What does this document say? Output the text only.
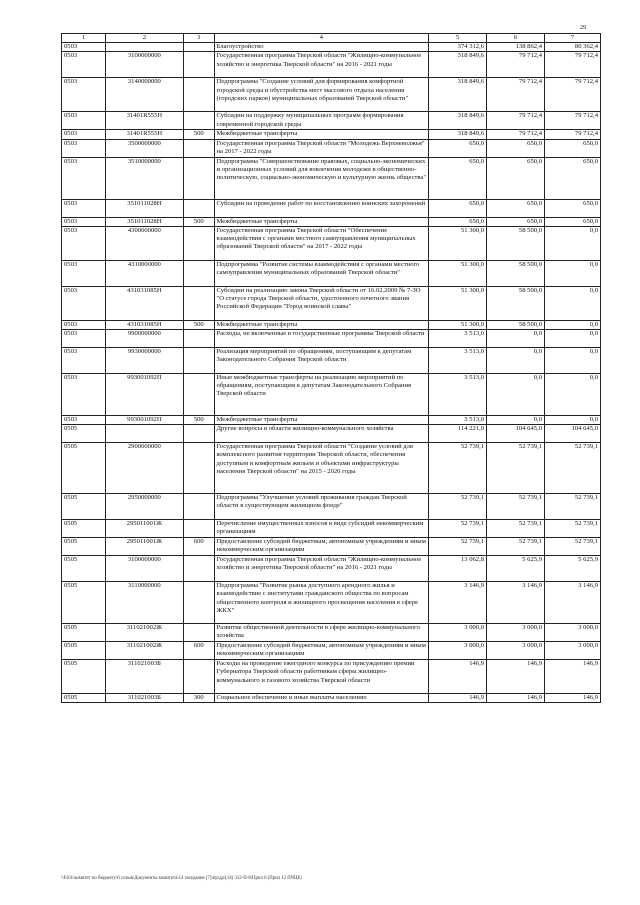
29
1	2	3	4	5	6	7
0503			Благоустройство	374 312,6	138 862,4	80 362,4
0503	3100000000		Государственная программа Тверской области "Жилищно-коммунальное хозяйство и энергетика Тверской области" на 2016 - 2021 годы	318 849,6	79 712,4	79 712,4
0503	3140000000		Подпрограмма "Создание условий для формирования комфортной городской среды и обустройства мест массового отдыха населения (городских парков) муниципальных образований Тверской области"	318 849,6	79 712,4	79 712,4
0503	31401R555H		Субсидии на поддержку муниципальных программ формирования современной городской среды	318 849,6	79 712,4	79 712,4
0503	31401R555H	500	Межбюджетные трансферты	318 849,6	79 712,4	79 712,4
0503	3500000000		Государственная программа Тверской области "Молодежь Верхневолжья" на 2017 - 2022 годы	650,0	650,0	650,0
0503	3510000000		Подпрограмма "Совершенствование правовых, социально-экономических и организационных условий для вовлечения молодежи в общественно-политическую, социально-экономическую и культурную жизнь общества"	650,0	650,0	650,0
0503	351011028H		Субсидии на проведение работ по восстановлению воинских захоронений	650,0	650,0	650,0
0503	351011028H	500	Межбюджетные трансферты	650,0	650,0	650,0
0503	4300000000		Государственная программа Тверской области "Обеспечение взаимодействия с органами местного самоуправления муниципальных образований Тверской области" на 2017 - 2022 годы	51 300,0	58 500,0	0,0
0503	4310000000		Подпрограмма "Развитие системы взаимодействия с органами местного самоуправления муниципальных образований Тверской области"	51 300,0	58 500,0	0,0
0503	431031085H		Субсидии на реализацию закона Тверской области от 16.02.2009 № 7-ЗО "О статусе города Тверской области, удостоенного почетного звания Российской Федерации "Город воинской славы"	51 300,0	58 500,0	0,0
0503	431031085H	500	Межбюджетные трансферты	51 300,0	58 500,0	0,0
0503	9900000000		Расходы, не включенные в государственные программы Тверской области	3 513,0	0,0	0,0
0503	9930000000		Реализация мероприятий по обращениям, поступающим к депутатам Законодательного Собрания Тверской области	3 513,0	0,0	0,0
0503	993001092П		Иные межбюджетные трансферты на реализацию мероприятий по обращениям, поступающим к депутатам Законодательного Собрания Тверской области	3 513,0	0,0	0,0
0503	993001092П	500	Межбюджетные трансферты	3 513,0	0,0	0,0
0505			Другие вопросы в области жилищно-коммунального хозяйства	114 221,0	104 645,0	104 645,0
0505	2900000000		Государственная программа Тверской области "Создание условий для комплексного развития территории Тверской области, обеспечения доступным и комфортным жильем и объектами инфраструктуры населения Тверской области" на 2015 - 2020 годы	52 739,1	52 739,1	52 739,1
0505	2950000000		Подпрограмма "Улучшение условий проживания граждан Тверской области в существующем жилищном фонде"	52 739,1	52 739,1	52 739,1
0505	295011001Ж		Перечисление имущественных взносов в виде субсидий некоммерческим организациям	52 739,1	52 739,1	52 739,1
0505	295011001Ж	600	Предоставление субсидий бюджетным, автономным учреждениям и иным некоммерческим организациям	52 739,1	52 739,1	52 739,1
0505	3100000000		Государственная программа Тверской области "Жилищно-коммунальное хозяйство и энергетика Тверской области" на 2016 - 2021 годы	13 062,8	5 625,9	5 625,9
0505	3110000000		Подпрограмма "Развитие рынка доступного арендного жилья и взаимодействие с институтами гражданского общества по вопросам общественного контроля и жилищного просвещения населения в сфере ЖКХ"	3 146,9	3 146,9	3 146,9
0505	311021002Ж		Развитие общественной деятельности в сфере жилищно-коммунального хозяйства	3 000,0	3 000,0	3 000,0
0505	311021002Ж	600	Предоставление субсидий бюджетным, автономным учреждениям и иным некоммерческим организациям	3 000,0	3 000,0	3 000,0
0505	311021003Б		Расходы на проведение ежегодного конкурса по присуждению премии Губернатора Тверской области работникам сферы жилищно-коммунального и газового хозяйства Тверской области	146,9	146,9	146,9
0505	311021003Б	300	Социальное обеспечение и иные выплаты населению	146,9	146,9	146,9
\\Fs01\комитет по бюджету\6 созыв\Документы комитета\14 заседание (7)\пр\др\(14) 312-П-6\Прил 6 (Прил 12 ПЧЦБ)
